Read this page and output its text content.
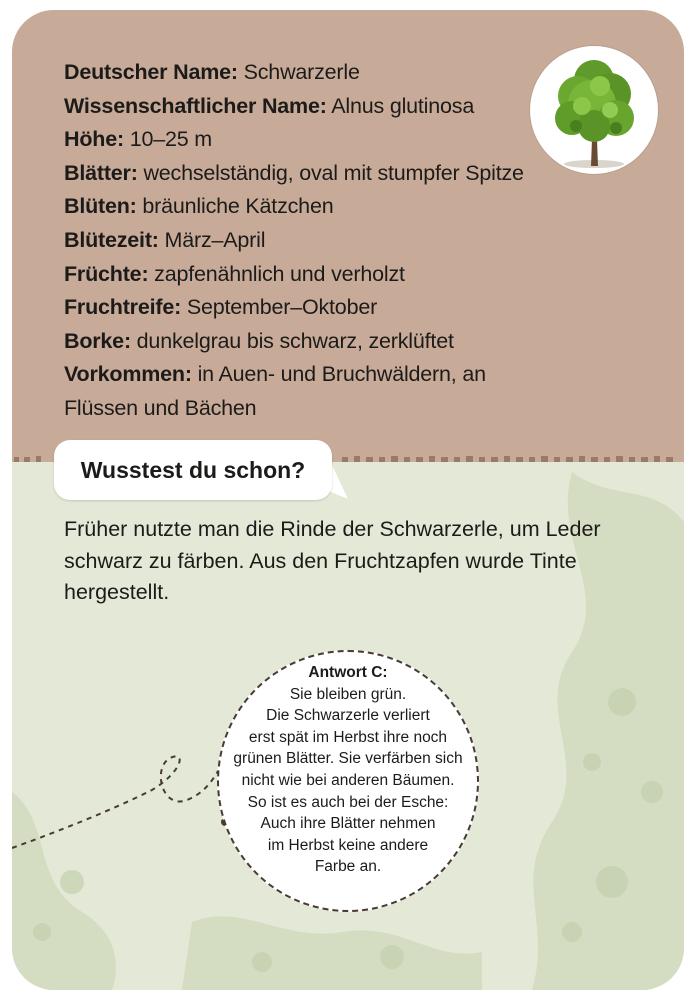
Deutscher Name: Schwarzerle
Wissenschaftlicher Name: Alnus glutinosa
Höhe: 10–25 m
Blätter: wechselständig, oval mit stumpfer Spitze
Blüten: bräunliche Kätzchen
Blütezeit: März–April
Früchte: zapfenähnlich und verholzt
Fruchtreife: September–Oktober
Borke: dunkelgrau bis schwarz, zerklüftet
Vorkommen: in Auen- und Bruchwäldern, an Flüssen und Bächen
Wusstest du schon?
Früher nutzte man die Rinde der Schwarzerle, um Leder schwarz zu färben. Aus den Fruchtzapfen wurde Tinte hergestellt.
Antwort C:
Sie bleiben grün.
Die Schwarzerle verliert
erst spät im Herbst ihre noch
grünen Blätter. Sie verfärben sich
nicht wie bei anderen Bäumen.
So ist es auch bei der Esche:
Auch ihre Blätter nehmen
im Herbst keine andere
Farbe an.
